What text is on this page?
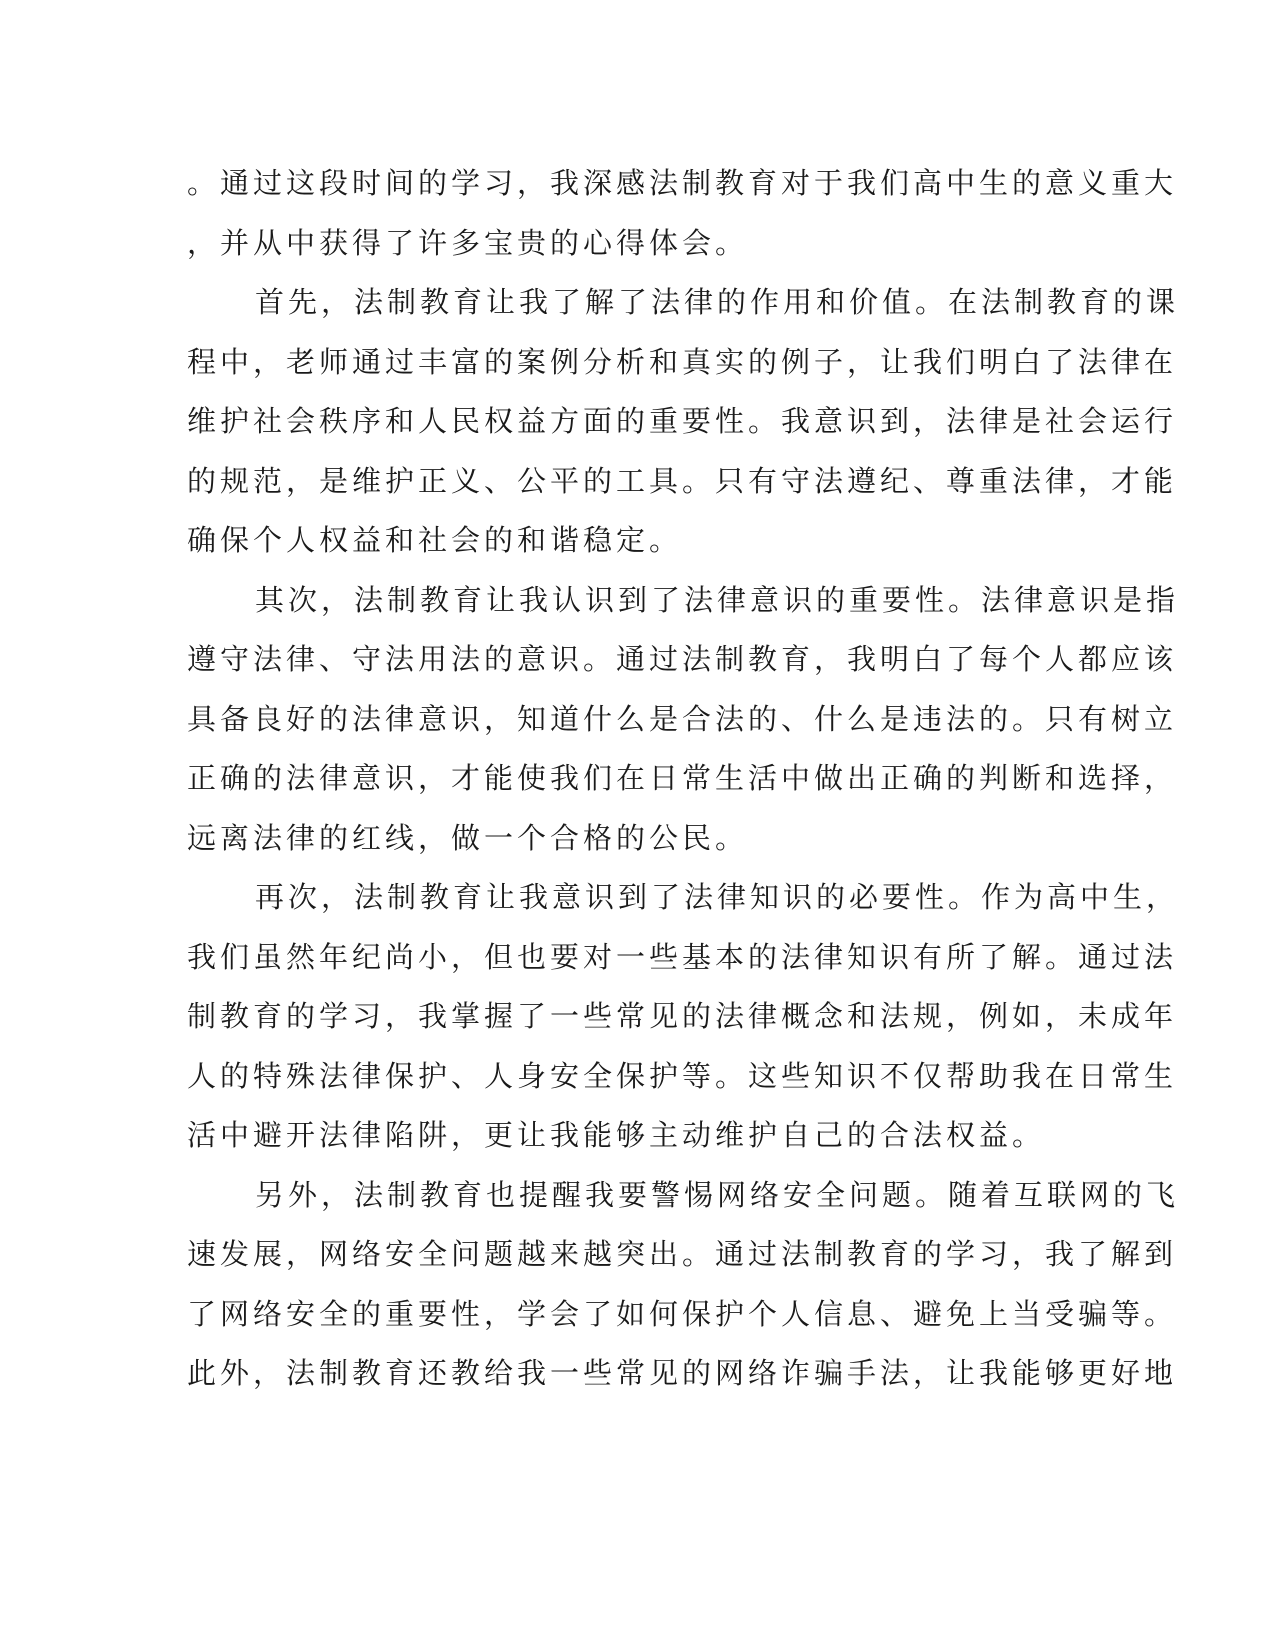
。通过这段时间的学习，我深感法制教育对于我们高中生的意义重大
，并从中获得了许多宝贵的心得体会。
首先，法制教育让我了解了法律的作用和价值。在法制教育的课
程中，老师通过丰富的案例分析和真实的例子，让我们明白了法律在
维护社会秩序和人民权益方面的重要性。我意识到，法律是社会运行
的规范，是维护正义、公平的工具。只有守法遵纪、尊重法律，才能
确保个人权益和社会的和谐稳定。
其次，法制教育让我认识到了法律意识的重要性。法律意识是指
遵守法律、守法用法的意识。通过法制教育，我明白了每个人都应该
具备良好的法律意识，知道什么是合法的、什么是违法的。只有树立
正确的法律意识，才能使我们在日常生活中做出正确的判断和选择，
远离法律的红线，做一个合格的公民。
再次，法制教育让我意识到了法律知识的必要性。作为高中生，
我们虽然年纪尚小，但也要对一些基本的法律知识有所了解。通过法
制教育的学习，我掌握了一些常见的法律概念和法规，例如，未成年
人的特殊法律保护、人身安全保护等。这些知识不仅帮助我在日常生
活中避开法律陷阱，更让我能够主动维护自己的合法权益。
另外，法制教育也提醒我要警惕网络安全问题。随着互联网的飞
速发展，网络安全问题越来越突出。通过法制教育的学习，我了解到
了网络安全的重要性，学会了如何保护个人信息、避免上当受骗等。
此外，法制教育还教给我一些常见的网络诈骗手法，让我能够更好地
